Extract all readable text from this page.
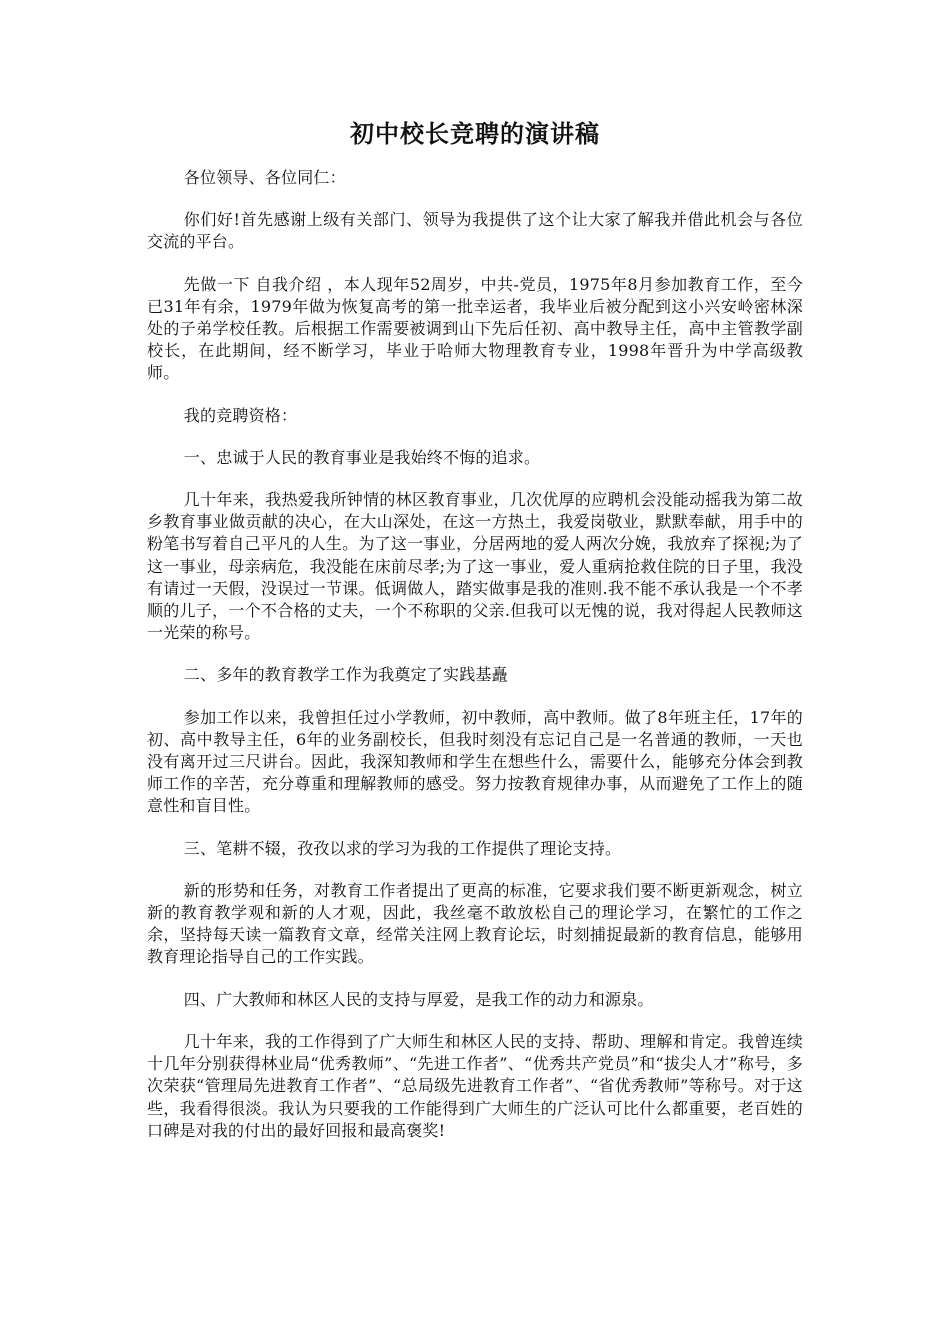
初中校长竞聘的演讲稿

各位领导、各位同仁：

你们好!首先感谢上级有关部门、领导为我提供了这个让大家了解我并借此机会与各位交流的平台。

先做一下 自我介绍 ，本人现年52周岁，中共-党员，1975年8月参加教育工作，至今已31年有余，1979年做为恢复高考的第一批幸运者，我毕业后被分配到这小兴安岭密林深处的子弟学校任教。后根据工作需要被调到山下先后任初、高中教导主任，高中主管教学副校长，在此期间，经不断学习，毕业于哈师大物理教育专业，1998年晋升为中学高级教师。

我的竞聘资格：

一、忠诚于人民的教育事业是我始终不悔的追求。

几十年来，我热爱我所钟情的林区教育事业，几次优厚的应聘机会没能动摇我为第二故乡教育事业做贡献的决心，在大山深处，在这一方热土，我爱岗敬业，默默奉献，用手中的粉笔书写着自己平凡的人生。为了这一事业，分居两地的爱人两次分娩，我放弃了探视;为了这一事业，母亲病危，我没能在床前尽孝;为了这一事业，爱人重病抢救住院的日子里，我没有请过一天假，没误过一节课。低调做人，踏实做事是我的准则.我不能不承认我是一个不孝顺的儿子，一个不合格的丈夫，一个不称职的父亲.但我可以无愧的说，我对得起人民教师这一光荣的称号。

二、多年的教育教学工作为我奠定了实践基矗

参加工作以来，我曾担任过小学教师，初中教师，高中教师。做了8年班主任，17年的初、高中教导主任，6年的业务副校长，但我时刻没有忘记自己是一名普通的教师，一天也没有离开过三尺讲台。因此，我深知教师和学生在想些什么，需要什么，能够充分体会到教师工作的辛苦，充分尊重和理解教师的感受。努力按教育规律办事，从而避免了工作上的随意性和盲目性。

三、笔耕不辍，孜孜以求的学习为我的工作提供了理论支持。

新的形势和任务，对教育工作者提出了更高的标准，它要求我们要不断更新观念，树立新的教育教学观和新的人才观，因此，我丝毫不敢放松自己的理论学习，在繁忙的工作之余，坚持每天读一篇教育文章，经常关注网上教育论坛，时刻捕捉最新的教育信息，能够用教育理论指导自己的工作实践。

四、广大教师和林区人民的支持与厚爱，是我工作的动力和源泉。

几十年来，我的工作得到了广大师生和林区人民的支持、帮助、理解和肯定。我曾连续十几年分别获得林业局“优秀教师”、“先进工作者”、“优秀共产党员”和“拔尖人才”称号，多次荣获“管理局先进教育工作者”、“总局级先进教育工作者”、“省优秀教师”等称号。对于这些，我看得很淡。我认为只要我的工作能得到广大师生的广泛认可比什么都重要，老百姓的口碑是对我的付出的最好回报和最高褒奖!
